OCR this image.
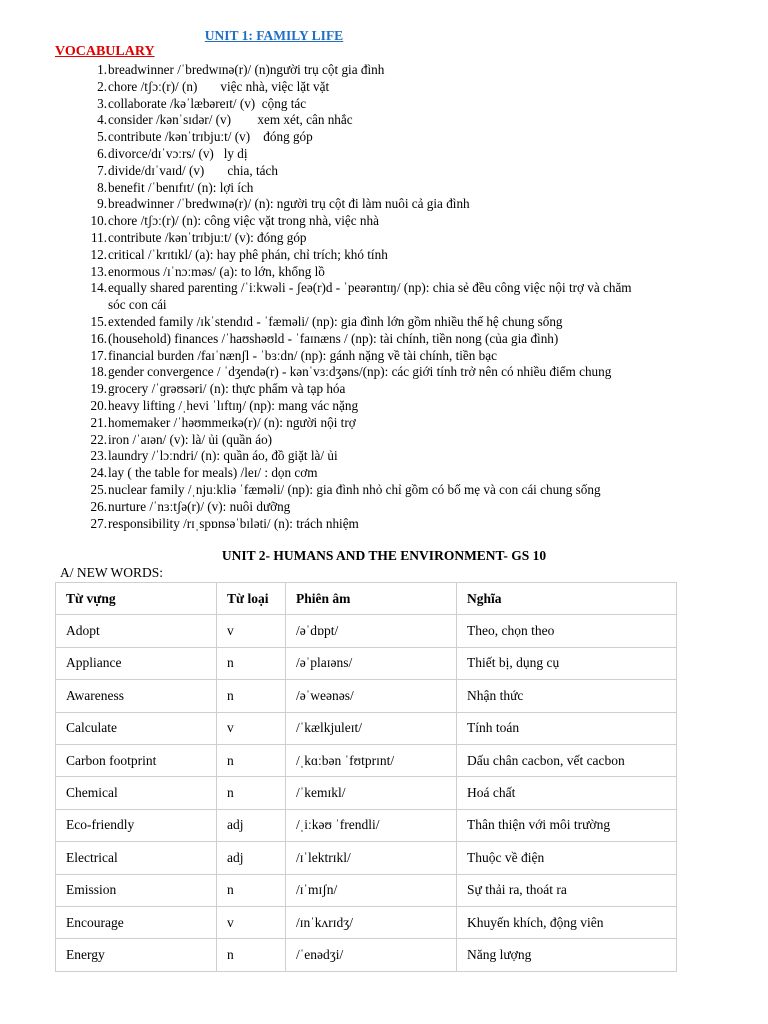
UNIT 1: FAMILY LIFE
VOCABULARY
1. breadwinner /ˈbredwɪnə(r)/ (n)người trụ cột gia đình
2. chore /tʃɔː(r)/ (n)       việc nhà, việc lặt vặt
3. collaborate /kəˈlæbəreɪt/ (v)  cộng tác
4. consider /kənˈsɪdər/ (v)        xem xét, cân nhắc
5. contribute /kənˈtrɪbjuːt/ (v)    đóng góp
6. divorce/dɪˈvɔːrs/ (v)   ly dị
7. divide/dɪˈvaɪd/ (v)       chia, tách
8. benefit /ˈbenɪfɪt/ (n): lợi ích
9. breadwinner /ˈbredwɪnə(r)/ (n): người trụ cột đi làm nuôi cả gia đình
10. chore /tʃɔː(r)/ (n): công việc vặt trong nhà, việc nhà
11. contribute /kənˈtrɪbjuːt/ (v): đóng góp
12. critical /ˈkrɪtɪkl/ (a): hay phê phán, chỉ trích; khó tính
13. enormous /ɪˈnɔːməs/ (a): to lớn, khổng lồ
14. equally shared parenting /ˈiːkwəli - ʃeə(r)d - ˈpeərəntɪŋ/ (np): chia sẻ đều công việc nội trợ và chăm
sóc con cái
15. extended family /ɪkˈstendɪd - ˈfæməli/ (np): gia đình lớn gồm nhiều thế hệ chung sống
16. (household) finances /ˈhaʊshəʊld - ˈfaɪnæns / (np): tài chính, tiền nong (của gia đình)
17. financial burden /faɪˈnænʃl - ˈbɜːdn/ (np): gánh nặng về tài chính, tiền bạc
18. gender convergence / ˈdʒendə(r) - kənˈvɜːdʒəns/(np): các giới tính trở nên có nhiều điểm chung
19. grocery /ˈɡrəʊsəri/ (n): thực phẩm và tạp hóa
20. heavy lifting /ˌhevi ˈlɪftɪŋ/ (np): mang vác nặng
21. homemaker /ˈhəʊmmeɪkə(r)/ (n): người nội trợ
22. iron /ˈaɪən/ (v): là/ ủi (quần áo)
23. laundry /ˈlɔːndri/ (n): quần áo, đồ giặt là/ ủi
24. lay ( the table for meals) /leɪ/ : dọn cơm
25. nuclear family /ˌnjuːkliə ˈfæməli/ (np): gia đình nhỏ chỉ gồm có bố mẹ và con cái chung sống
26. nurture /ˈnɜːtʃə(r)/ (v): nuôi dưỡng
27. responsibility /rɪˌspɒnsəˈbɪləti/ (n): trách nhiệm
UNIT 2- HUMANS AND THE ENVIRONMENT- GS 10
A/ NEW WORDS:
Từ vựng	Từ loại	Phiên âm	Nghĩa
Adopt	v	/əˈdɒpt/	Theo, chọn theo
Appliance	n	/əˈplaɪəns/	Thiết bị, dụng cụ
Awareness	n	/əˈweənəs/	Nhận thức
Calculate	v	/ˈkælkjuleɪt/	Tính toán
Carbon footprint	n	/ˌkɑːbən ˈfʊtprɪnt/	Dấu chân cacbon, vết cacbon
Chemical	n	/ˈkemɪkl/	Hoá chất
Eco-friendly	adj	/ˌiːkəʊ ˈfrendli/	Thân thiện với môi trường
Electrical	adj	/ɪˈlektrɪkl/	Thuộc về điện
Emission	n	/ɪˈmɪʃn/	Sự thải ra, thoát ra
Encourage	v	/ɪnˈkʌrɪdʒ/	Khuyến khích, động viên
Energy	n	/ˈenədʒi/	Năng lượng
